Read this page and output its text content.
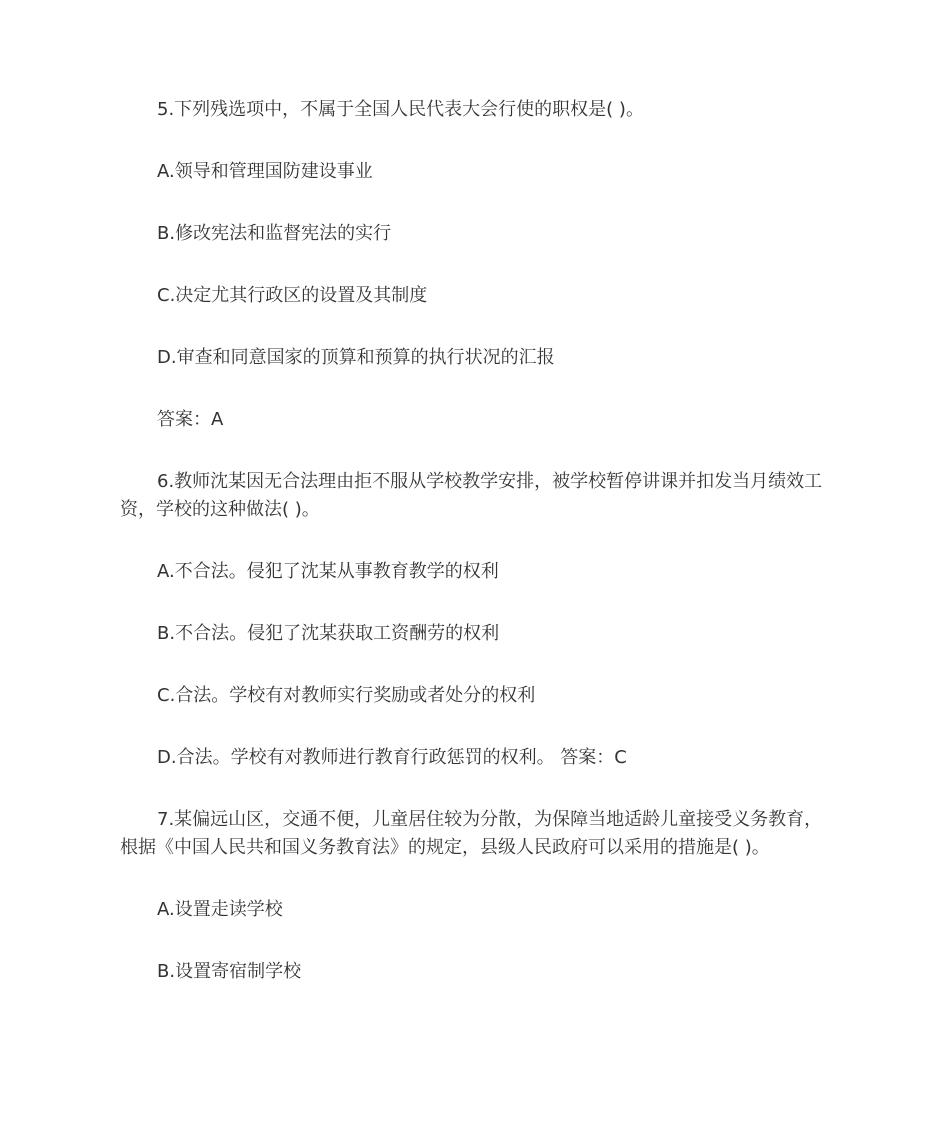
5.下列残选项中，不属于全国人民代表大会行使的职权是( )。

A.领导和管理国防建设事业

B.修改宪法和监督宪法的实行

C.决定尤其行政区的设置及其制度

D.审查和同意国家的顶算和预算的执行状况的汇报

答案：A

6.教师沈某因无合法理由拒不服从学校教学安排，被学校暂停讲课并扣发当月绩效工资，学校的这种做法( )。

A.不合法。侵犯了沈某从事教育教学的权利

B.不合法。侵犯了沈某获取工资酬劳的权利

C.合法。学校有对教师实行奖励或者处分的权利

D.合法。学校有对教师进行教育行政惩罚的权利。 答案：C

7.某偏远山区，交通不便，儿童居住较为分散，为保障当地适龄儿童接受义务教育，根据《中国人民共和国义务教育法》的规定，县级人民政府可以采用的措施是( )。

A.设置走读学校

B.设置寄宿制学校
